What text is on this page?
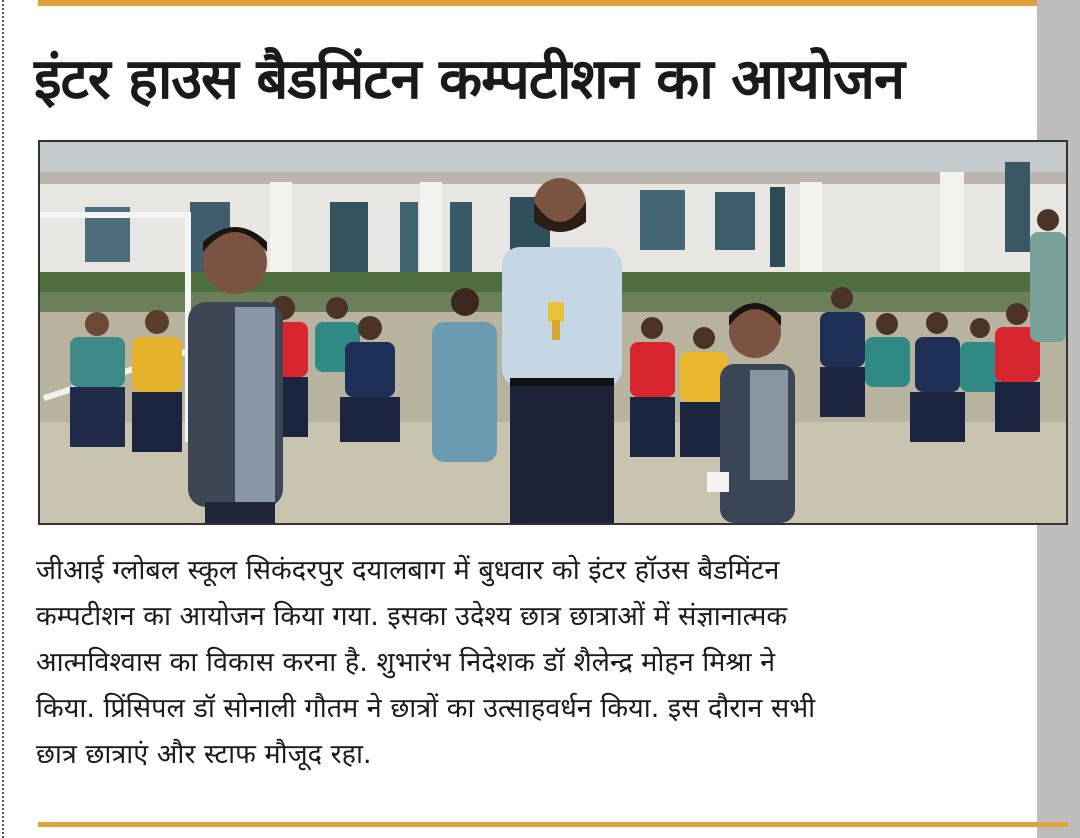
इंटर हाउस बैडमिंटन कम्पटीशन का आयोजन
जीआई ग्लोबल स्कूल सिकंदरपुर दयालबाग में बुधवार को इंटर हॉउस बैडमिंटन
कम्पटीशन का आयोजन किया गया. इसका उदेश्य छात्र छात्राओं में संज्ञानात्मक
आत्मविश्वास का विकास करना है. शुभारंभ निदेशक डॉ शैलेन्द्र मोहन मिश्रा ने
किया. प्रिंसिपल डॉ सोनाली गौतम ने छात्रों का उत्साहवर्धन किया. इस दौरान सभी
छात्र छात्राएं और स्टाफ मौजूद रहा.
